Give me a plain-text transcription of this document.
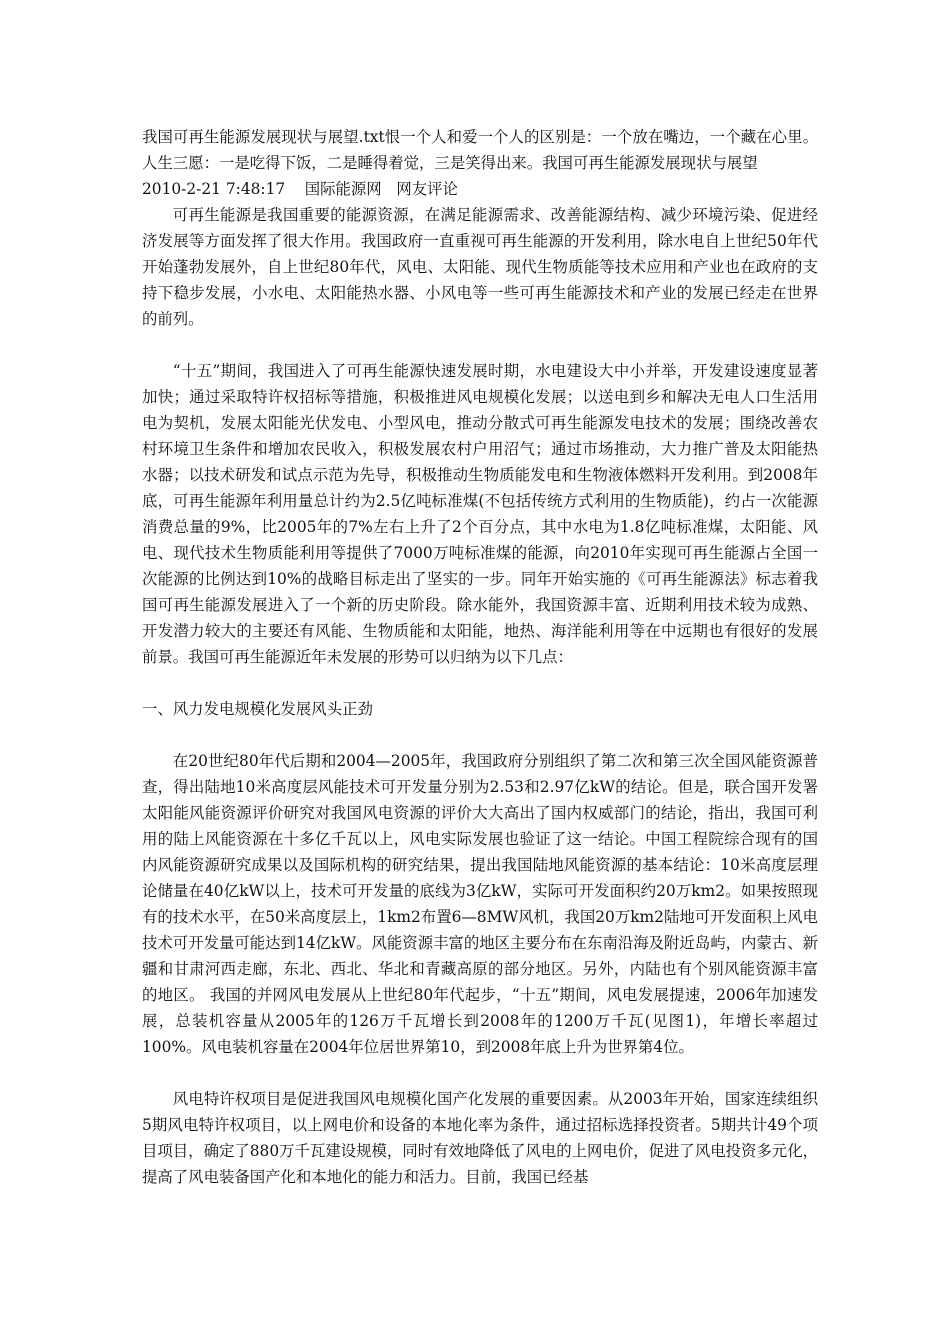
我国可再生能源发展现状与展望.txt恨一个人和爱一个人的区别是：一个放在嘴边，一个藏在心里。人生三愿：一是吃得下饭，二是睡得着觉，三是笑得出来。我国可再生能源发展现状与展望

2010-2-21 7:48:17    国际能源网   网友评论

可再生能源是我国重要的能源资源，在满足能源需求、改善能源结构、减少环境污染、促进经济发展等方面发挥了很大作用。我国政府一直重视可再生能源的开发利用，除水电自上世纪50年代开始蓬勃发展外，自上世纪80年代，风电、太阳能、现代生物质能等技术应用和产业也在政府的支持下稳步发展，小水电、太阳能热水器、小风电等一些可再生能源技术和产业的发展已经走在世界的前列。

“十五”期间，我国进入了可再生能源快速发展时期，水电建设大中小并举，开发建设速度显著加快；通过采取特许权招标等措施，积极推进风电规模化发展；以送电到乡和解决无电人口生活用电为契机，发展太阳能光伏发电、小型风电，推动分散式可再生能源发电技术的发展；围绕改善农村环境卫生条件和增加农民收入，积极发展农村户用沼气；通过市场推动，大力推广普及太阳能热水器；以技术研发和试点示范为先导，积极推动生物质能发电和生物液体燃料开发利用。到2008年底，可再生能源年利用量总计约为2.5亿吨标准煤(不包括传统方式利用的生物质能)，约占一次能源消费总量的9%，比2005年的7%左右上升了2个百分点，其中水电为1.8亿吨标准煤，太阳能、风电、现代技术生物质能利用等提供了7000万吨标准煤的能源，向2010年实现可再生能源占全国一次能源的比例达到10%的战略目标走出了坚实的一步。同年开始实施的《可再生能源法》标志着我国可再生能源发展进入了一个新的历史阶段。除水能外，我国资源丰富、近期利用技术较为成熟、开发潜力较大的主要还有风能、生物质能和太阳能，地热、海洋能利用等在中远期也有很好的发展前景。我国可再生能源近年未发展的形势可以归纳为以下几点：

一、风力发电规模化发展风头正劲

在20世纪80年代后期和2004—2005年，我国政府分别组织了第二次和第三次全国风能资源普查，得出陆地10米高度层风能技术可开发量分别为2.53和2.97亿kW的结论。但是，联合国开发署太阳能风能资源评价研究对我国风电资源的评价大大高出了国内权威部门的结论，指出，我国可利用的陆上风能资源在十多亿千瓦以上，风电实际发展也验证了这一结论。中国工程院综合现有的国内风能资源研究成果以及国际机构的研究结果，提出我国陆地风能资源的基本结论：10米高度层理论储量在40亿kW以上，技术可开发量的底线为3亿kW，实际可开发面积约20万km2。如果按照现有的技术水平，在50米高度层上，1km2布置6—8MW风机，我国20万km2陆地可开发面积上风电技术可开发量可能达到14亿kW。风能资源丰富的地区主要分布在东南沿海及附近岛屿，内蒙古、新疆和甘肃河西走廊，东北、西北、华北和青藏高原的部分地区。另外，内陆也有个别风能资源丰富的地区。 我国的并网风电发展从上世纪80年代起步，“十五”期间，风电发展提速，2006年加速发展，总装机容量从2005年的126万千瓦增长到2008年的1200万千瓦(见图1)，年增长率超过100%。风电装机容量在2004年位居世界第10，到2008年底上升为世界第4位。

风电特许权项目是促进我国风电规模化国产化发展的重要因素。从2003年开始，国家连续组织5期风电特许权项目，以上网电价和设备的本地化率为条件，通过招标选择投资者。5期共计49个项目项目，确定了880万千瓦建设规模，同时有效地降低了风电的上网电价，促进了风电投资多元化，提高了风电装备国产化和本地化的能力和活力。目前，我国已经基
